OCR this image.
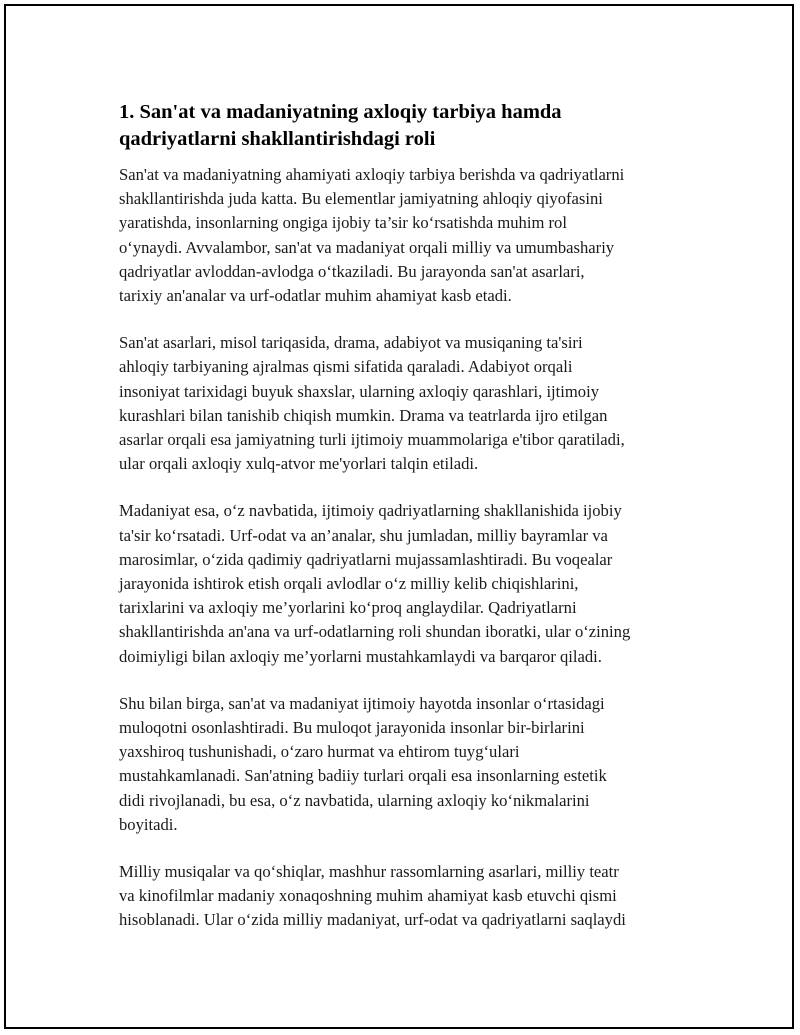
1. San'at va madaniyatning axloqiy tarbiya hamda
qadriyatlarni shakllantirishdagi roli

San'at va madaniyatning ahamiyati axloqiy tarbiya berishda va qadriyatlarni
shakllantirishda juda katta. Bu elementlar jamiyatning ahloqiy qiyofasini
yaratishda, insonlarning ongiga ijobiy ta’sir ko‘rsatishda muhim rol
o‘ynaydi. Avvalambor, san'at va madaniyat orqali milliy va umumbashariy
qadriyatlar avloddan-avlodga o‘tkaziladi. Bu jarayonda san'at asarlari,
tarixiy an'analar va urf-odatlar muhim ahamiyat kasb etadi.

San'at asarlari, misol tariqasida, drama, adabiyot va musiqaning ta'siri
ahloqiy tarbiyaning ajralmas qismi sifatida qaraladi. Adabiyot orqali
insoniyat tarixidagi buyuk shaxslar, ularning axloqiy qarashlari, ijtimoiy
kurashlari bilan tanishib chiqish mumkin. Drama va teatrlarda ijro etilgan
asarlar orqali esa jamiyatning turli ijtimoiy muammolariga e'tibor qaratiladi,
ular orqali axloqiy xulq-atvor me'yorlari talqin etiladi.

Madaniyat esa, o‘z navbatida, ijtimoiy qadriyatlarning shakllanishida ijobiy
ta'sir ko‘rsatadi. Urf-odat va an’analar, shu jumladan, milliy bayramlar va
marosimlar, o‘zida qadimiy qadriyatlarni mujassamlashtiradi. Bu voqealar
jarayonida ishtirok etish orqali avlodlar o‘z milliy kelib chiqishlarini,
tarixlarini va axloqiy me’yorlarini ko‘proq anglaydilar. Qadriyatlarni
shakllantirishda an'ana va urf-odatlarning roli shundan iboratki, ular o‘zining
doimiyligi bilan axloqiy me’yorlarni mustahkamlaydi va barqaror qiladi.

Shu bilan birga, san'at va madaniyat ijtimoiy hayotda insonlar o‘rtasidagi
muloqotni osonlashtiradi. Bu muloqot jarayonida insonlar bir-birlarini
yaxshiroq tushunishadi, o‘zaro hurmat va ehtirom tuyg‘ulari
mustahkamlanadi. San'atning badiiy turlari orqali esa insonlarning estetik
didi rivojlanadi, bu esa, o‘z navbatida, ularning axloqiy ko‘nikmalarini
boyitadi.

Milliy musiqalar va qo‘shiqlar, mashhur rassomlarning asarlari, milliy teatr
va kinofilmlar madaniy xonaqoshning muhim ahamiyat kasb etuvchi qismi
hisoblanadi. Ular o‘zida milliy madaniyat, urf-odat va qadriyatlarni saqlaydi
